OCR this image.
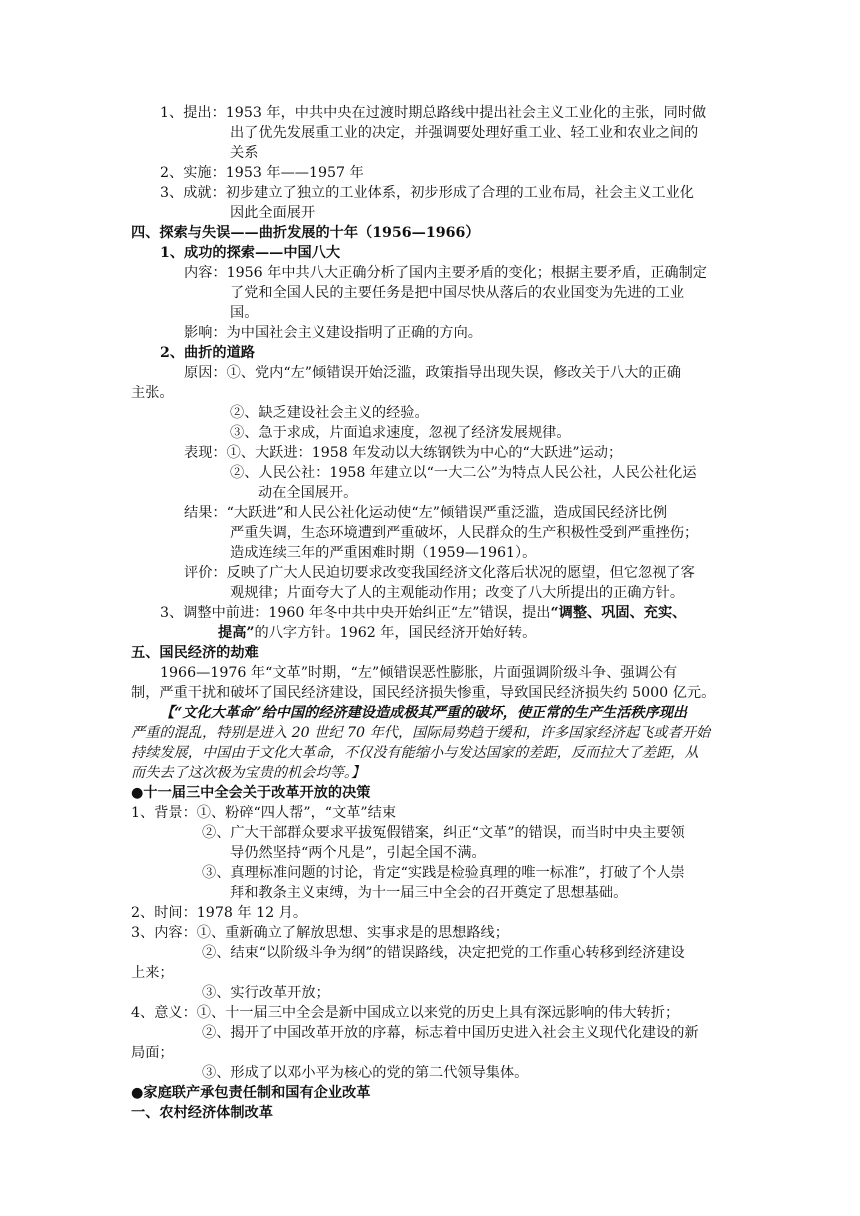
1、提出：1953 年，中共中央在过渡时期总路线中提出社会主义工业化的主张，同时做
出了优先发展重工业的决定，并强调要处理好重工业、轻工业和农业之间的
关系
2、实施：1953 年——1957 年
3、成就：初步建立了独立的工业体系，初步形成了合理的工业布局，社会主义工业化
因此全面展开
四、探索与失误——曲折发展的十年（1956—1966）
1、成功的探索——中国八大
内容：1956 年中共八大正确分析了国内主要矛盾的变化；根据主要矛盾，正确制定
了党和全国人民的主要任务是把中国尽快从落后的农业国变为先进的工业
国。
影响：为中国社会主义建设指明了正确的方向。
2、曲折的道路
原因：①、党内“左”倾错误开始泛滥，政策指导出现失误，修改关于八大的正确
主张。
②、缺乏建设社会主义的经验。
③、急于求成，片面追求速度，忽视了经济发展规律。
表现：①、大跃进：1958 年发动以大练钢铁为中心的“大跃进”运动；
②、人民公社：1958 年建立以“一大二公”为特点人民公社，人民公社化运
动在全国展开。
结果：“大跃进”和人民公社化运动使“左”倾错误严重泛滥，造成国民经济比例
严重失调，生态环境遭到严重破坏，人民群众的生产积极性受到严重挫伤；
造成连续三年的严重困难时期（1959—1961）。
评价：反映了广大人民迫切要求改变我国经济文化落后状况的愿望，但它忽视了客
观规律；片面夸大了人的主观能动作用；改变了八大所提出的正确方针。
3、调整中前进：1960 年冬中共中央开始纠正“左”错误，提出“调整、巩固、充实、
提高”的八字方针。1962 年，国民经济开始好转。
五、国民经济的劫难
1966—1976 年“文革”时期，“左”倾错误恶性膨胀，片面强调阶级斗争、强调公有
制，严重干扰和破坏了国民经济建设，国民经济损失惨重，导致国民经济损失约 5000 亿元。
【“文化大革命”给中国的经济建设造成极其严重的破坏，使正常的生产生活秩序现出
严重的混乱，特别是进入 20 世纪 70 年代，国际局势趋于缓和，许多国家经济起飞或者开始
持续发展，中国由于文化大革命，不仅没有能缩小与发达国家的差距，反而拉大了差距，从
而失去了这次极为宝贵的机会均等。】
●十一届三中全会关于改革开放的决策
1、背景：①、粉碎“四人帮”，“文革”结束
②、广大干部群众要求平拔冤假错案，纠正“文革”的错误，而当时中央主要领
导仍然坚持“两个凡是”，引起全国不满。
③、真理标准问题的讨论，肯定“实践是检验真理的唯一标准”，打破了个人崇
拜和教条主义束缚，为十一届三中全会的召开奠定了思想基础。
2、时间：1978 年 12 月。
3、内容：①、重新确立了解放思想、实事求是的思想路线；
②、结束“以阶级斗争为纲”的错误路线，决定把党的工作重心转移到经济建设
上来；
③、实行改革开放；
4、意义：①、十一届三中全会是新中国成立以来党的历史上具有深远影响的伟大转折；
②、揭开了中国改革开放的序幕，标志着中国历史进入社会主义现代化建设的新
局面；
③、形成了以邓小平为核心的党的第二代领导集体。
●家庭联产承包责任制和国有企业改革
一、农村经济体制改革
